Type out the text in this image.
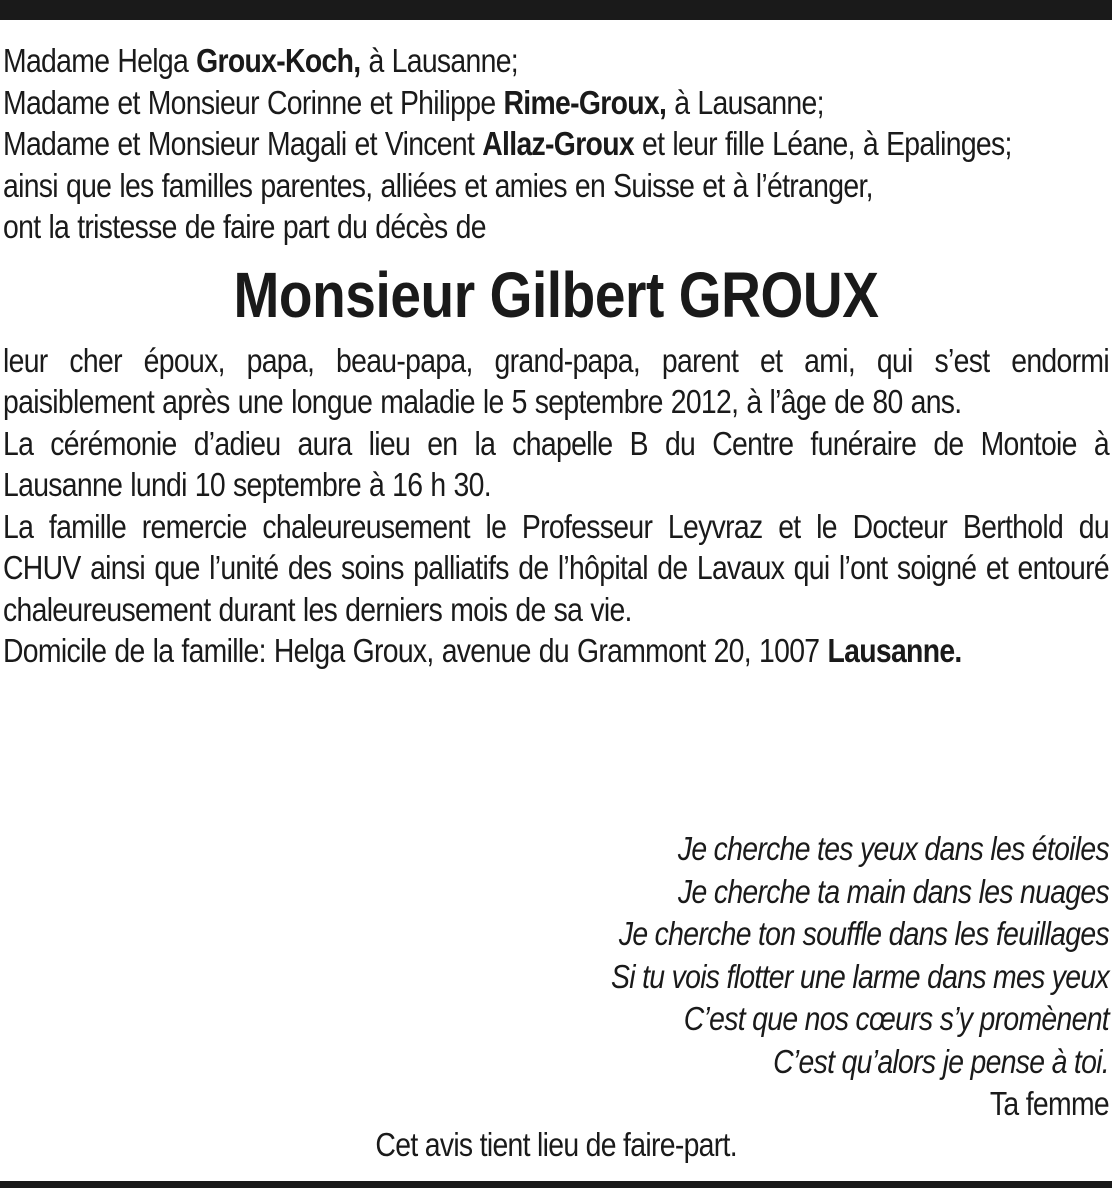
Madame Helga Groux-Koch, à Lausanne;

Madame et Monsieur Corinne et Philippe Rime-Groux, à Lausanne;

Madame et Monsieur Magali et Vincent Allaz-Groux et leur fille Léane, à Epalinges;

ainsi que les familles parentes, alliées et amies en Suisse et à l’étranger,

ont la tristesse de faire part du décès de

Monsieur Gilbert GROUX

leur cher époux, papa, beau-papa, grand-papa, parent et ami, qui s’est endormi paisiblement après une longue maladie le 5 septembre 2012, à l’âge de 80 ans.

La cérémonie d’adieu aura lieu en la chapelle B du Centre funéraire de Montoie à Lausanne lundi 10 septembre à 16 h 30.

La famille remercie chaleureusement le Professeur Leyvraz et le Docteur Berthold du CHUV ainsi que l’unité des soins palliatifs de l’hôpital de Lavaux qui l’ont soigné et entouré chaleureusement durant les derniers mois de sa vie.

Domicile de la famille: Helga Groux, avenue du Grammont 20, 1007 Lausanne.

Je cherche tes yeux dans les étoiles
Je cherche ta main dans les nuages
Je cherche ton souffle dans les feuillages
Si tu vois flotter une larme dans mes yeux
C’est que nos cœurs s’y promènent
C’est qu’alors je pense à toi.
Ta femme
Cet avis tient lieu de faire-part.
